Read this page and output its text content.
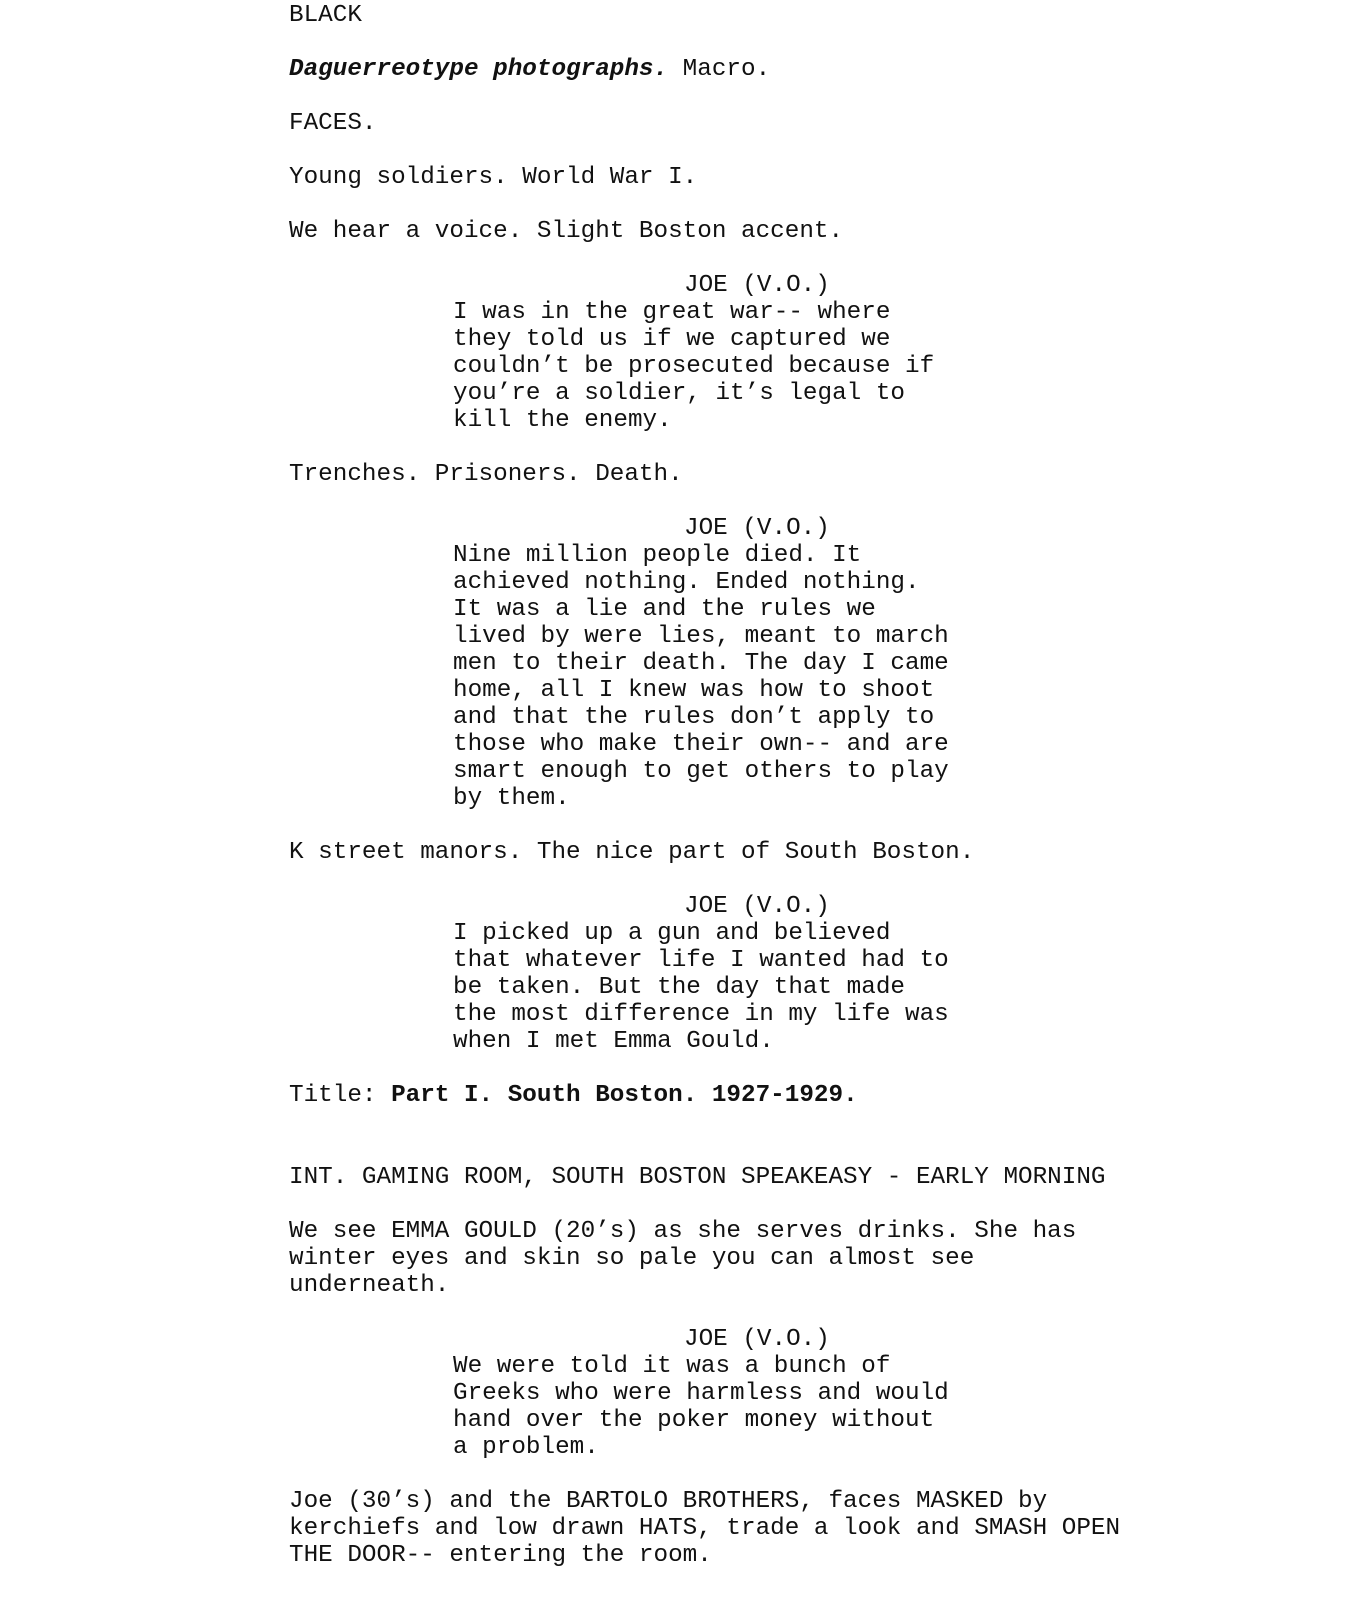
BLACK
Daguerreotype photographs. Macro.
FACES.
Young soldiers. World War I.
We hear a voice. Slight Boston accent.
JOE (V.O.)
I was in the great war-- where
they told us if we captured we
couldn’t be prosecuted because if
you’re a soldier, it’s legal to
kill the enemy.
Trenches. Prisoners. Death.
JOE (V.O.)
Nine million people died. It
achieved nothing. Ended nothing.
It was a lie and the rules we
lived by were lies, meant to march
men to their death. The day I came
home, all I knew was how to shoot
and that the rules don’t apply to
those who make their own-- and are
smart enough to get others to play
by them.
K street manors. The nice part of South Boston.
JOE (V.O.)
I picked up a gun and believed
that whatever life I wanted had to
be taken. But the day that made
the most difference in my life was
when I met Emma Gould.
Title: Part I. South Boston. 1927-1929.
INT. GAMING ROOM, SOUTH BOSTON SPEAKEASY - EARLY MORNING
We see EMMA GOULD (20’s) as she serves drinks. She has
winter eyes and skin so pale you can almost see
underneath.
JOE (V.O.)
We were told it was a bunch of
Greeks who were harmless and would
hand over the poker money without
a problem.
Joe (30’s) and the BARTOLO BROTHERS, faces MASKED by
kerchiefs and low drawn HATS, trade a look and SMASH OPEN
THE DOOR-- entering the room.
